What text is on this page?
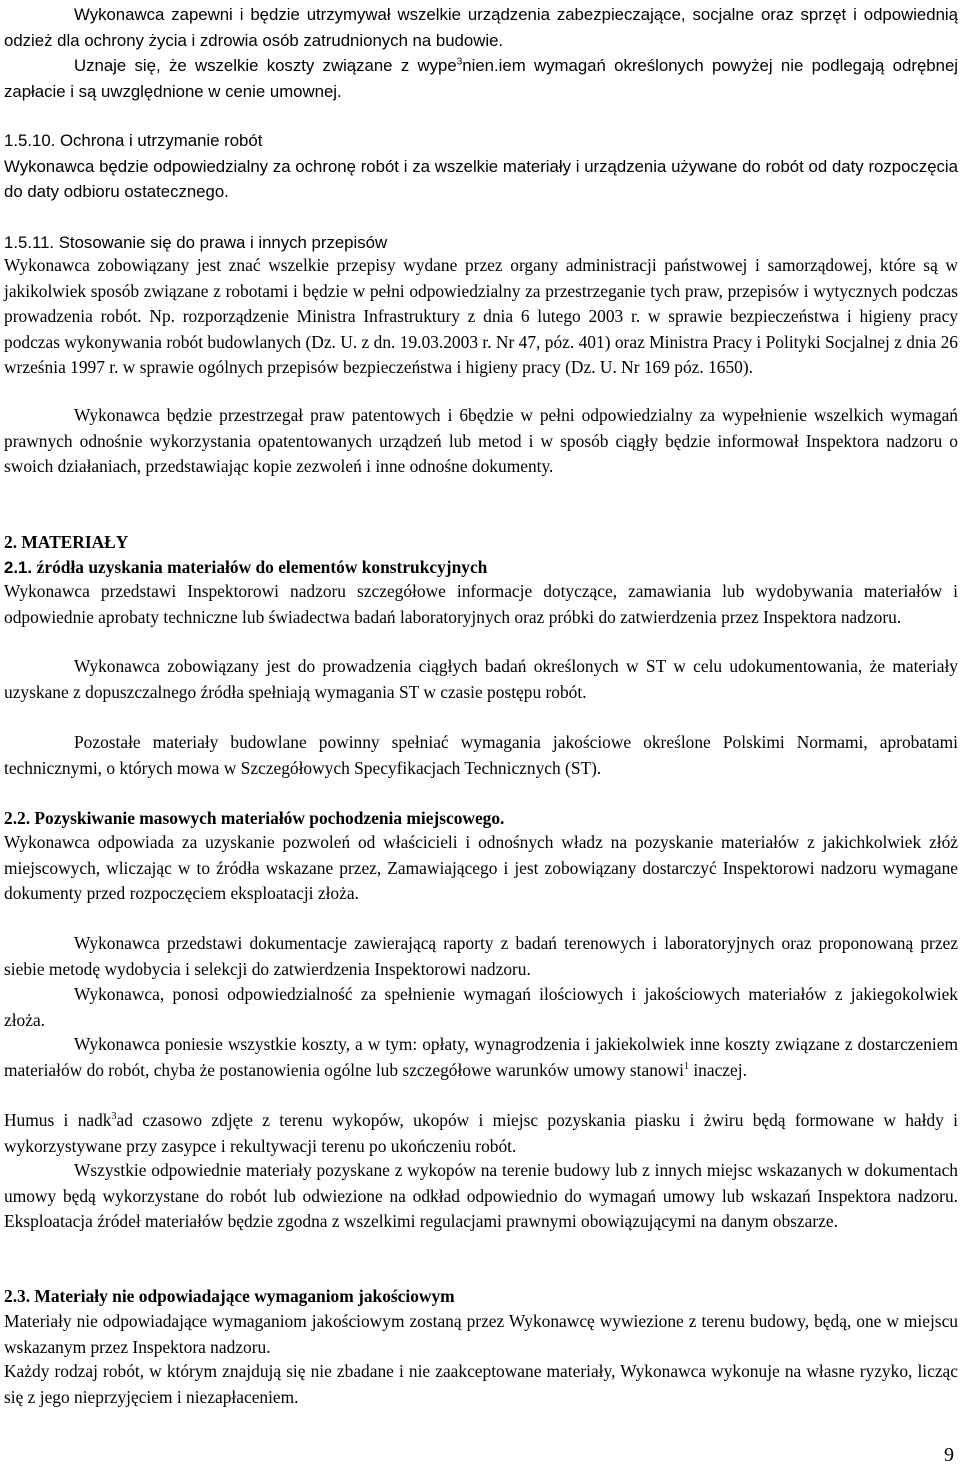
Wykonawca zapewni i będzie utrzymywał wszelkie urządzenia zabezpieczające, socjalne oraz sprzęt i odpowiednią odzież dla ochrony życia i zdrowia osób zatrudnionych na budowie.

Uznaje się, że wszelkie koszty związane z wype$^3$nien.iem wymagań określonych powyżej nie podlegają odrębnej zapłacie i są uwzględnione w cenie umownej.

1.5.10. Ochrona i utrzymanie robót
Wykonawca będzie odpowiedzialny za ochronę robót i za wszelkie materiały i urządzenia używane do robót od daty rozpoczęcia do daty odbioru ostatecznego.

1.5.11. Stosowanie się do prawa i innych przepisów

Wykonawca zobowiązany jest znać wszelkie przepisy wydane przez organy administracji państwowej i samorządowej, które są w jakikolwiek sposób związane z robotami i będzie w pełni odpowiedzialny za przestrzeganie tych praw, przepisów i wytycznych podczas prowadzenia robót. Np. rozporządzenie Ministra Infrastruktury z dnia 6 lutego 2003 r. w sprawie bezpieczeństwa i higieny pracy podczas wykonywania robót budowlanych (Dz. U. z dn. 19.03.2003 r. Nr 47, póz. 401) oraz Ministra Pracy i Polityki Socjalnej z dnia 26 września 1997 r. w sprawie ogólnych przepisów bezpieczeństwa i higieny pracy (Dz. U. Nr 169 póz. 1650).

Wykonawca będzie przestrzegał praw patentowych i 6będzie w pełni odpowiedzialny za wypełnienie wszelkich wymagań prawnych odnośnie wykorzystania opatentowanych urządzeń lub metod i w sposób ciągły będzie informował Inspektora nadzoru o swoich działaniach, przedstawiając kopie zezwoleń i inne odnośne dokumenty.

2. MATERIAŁY

2.1. źródła uzyskania materiałów do elementów konstrukcyjnych

Wykonawca przedstawi Inspektorowi nadzoru szczegółowe informacje dotyczące, zamawiania lub wydobywania materiałów i odpowiednie aprobaty techniczne lub świadectwa badań laboratoryjnych oraz próbki do zatwierdzenia przez Inspektora nadzoru.

Wykonawca zobowiązany jest do prowadzenia ciągłych badań określonych w ST w celu udokumentowania, że materiały uzyskane z dopuszczalnego źródła spełniają wymagania ST w czasie postępu robót.

Pozostałe materiały budowlane powinny spełniać wymagania jakościowe określone Polskimi Normami, aprobatami technicznymi, o których mowa w Szczegółowych Specyfikacjach Technicznych (ST).

2.2. Pozyskiwanie masowych materiałów pochodzenia miejscowego.

Wykonawca odpowiada za uzyskanie pozwoleń od właścicieli i odnośnych władz na pozyskanie materiałów z jakichkolwiek złóż miejscowych, wliczając w to źródła wskazane przez, Zamawiającego i jest zobowiązany dostarczyć Inspektorowi nadzoru wymagane dokumenty przed rozpoczęciem eksploatacji złoża.

Wykonawca przedstawi dokumentacje zawierającą raporty z badań terenowych i laboratoryjnych oraz proponowaną przez siebie metodę wydobycia i selekcji do zatwierdzenia Inspektorowi nadzoru.

Wykonawca, ponosi odpowiedzialność za spełnienie wymagań ilościowych i jakościowych materiałów z jakiegokolwiek złoża.

Wykonawca poniesie wszystkie koszty, a w tym: opłaty, wynagrodzenia i jakiekolwiek inne koszty związane z dostarczeniem materiałów do robót, chyba że postanowienia ogólne lub szczegółowe warunków umowy stanowi$^1$ inaczej.

Humus i nadk$^3$ad czasowo zdjęte z terenu wykopów, ukopów i miejsc pozyskania piasku i żwiru będą formowane w hałdy i wykorzystywane przy zasypce i rekultywacji terenu po ukończeniu robót.

Wszystkie odpowiednie materiały pozyskane z wykopów na terenie budowy lub z innych miejsc wskazanych w dokumentach umowy będą wykorzystane do robót lub odwiezione na odkład odpowiednio do wymagań umowy lub wskazań Inspektora nadzoru. Eksploatacja źródeł materiałów będzie zgodna z wszelkimi regulacjami prawnymi obowiązującymi na danym obszarze.

2.3. Materiały nie odpowiadające wymaganiom jakościowym

Materiały nie odpowiadające wymaganiom jakościowym zostaną przez Wykonawcę wywiezione z terenu budowy, będą, one w miejscu wskazanym przez Inspektora nadzoru.

Każdy rodzaj robót, w którym znajdują się nie zbadane i nie zaakceptowane materiały, Wykonawca wykonuje na własne ryzyko, licząc się z jego nieprzyjęciem i niezapłaceniem.

9
